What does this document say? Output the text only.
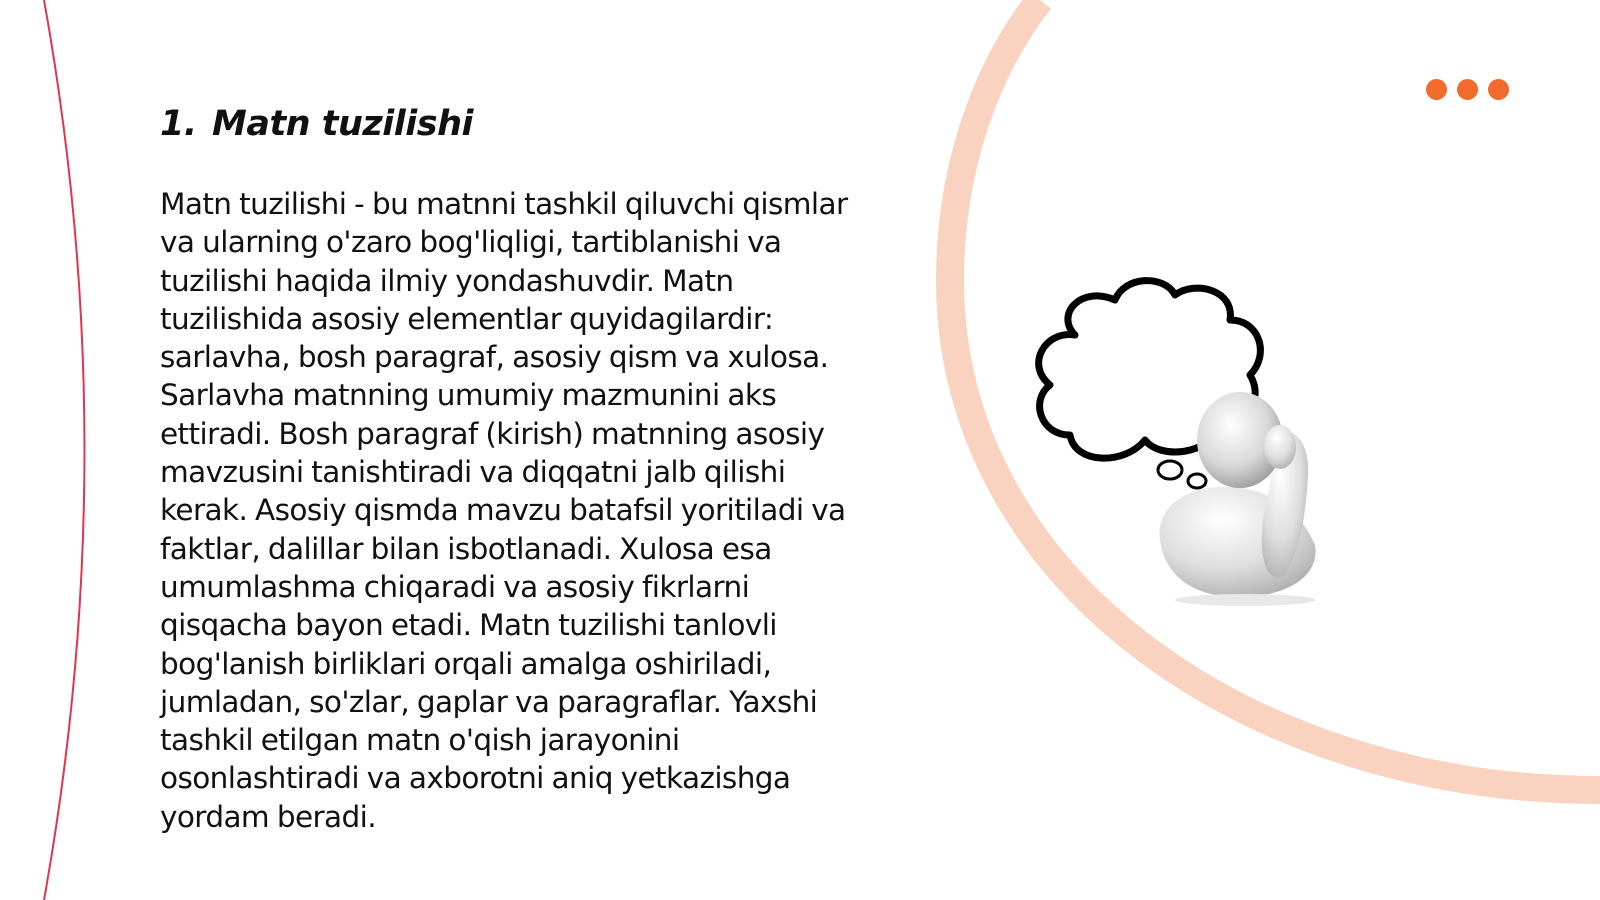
1. Matn tuzilishi

Matn tuzilishi - bu matnni tashkil qiluvchi qismlar va ularning o'zaro bog'liqligi, tartiblanishi va tuzilishi haqida ilmiy yondashuvdir. Matn tuzilishida asosiy elementlar quyidagilardir: sarlavha, bosh paragraf, asosiy qism va xulosa. Sarlavha matnning umumiy mazmunini aks ettiradi. Bosh paragraf (kirish) matnning asosiy mavzusini tanishtiradi va diqqatni jalb qilishi kerak. Asosiy qismda mavzu batafsil yoritiladi va faktlar, dalillar bilan isbotlanadi. Xulosa esa umumlashma chiqaradi va asosiy fikrlarni qisqacha bayon etadi. Matn tuzilishi tanlovli bog'lanish birliklari orqali amalga oshiriladi, jumladan, so'zlar, gaplar va paragraflar. Yaxshi tashkil etilgan matn o'qish jarayonini osonlashtiradi va axborotni aniq yetkazishga yordam beradi.
